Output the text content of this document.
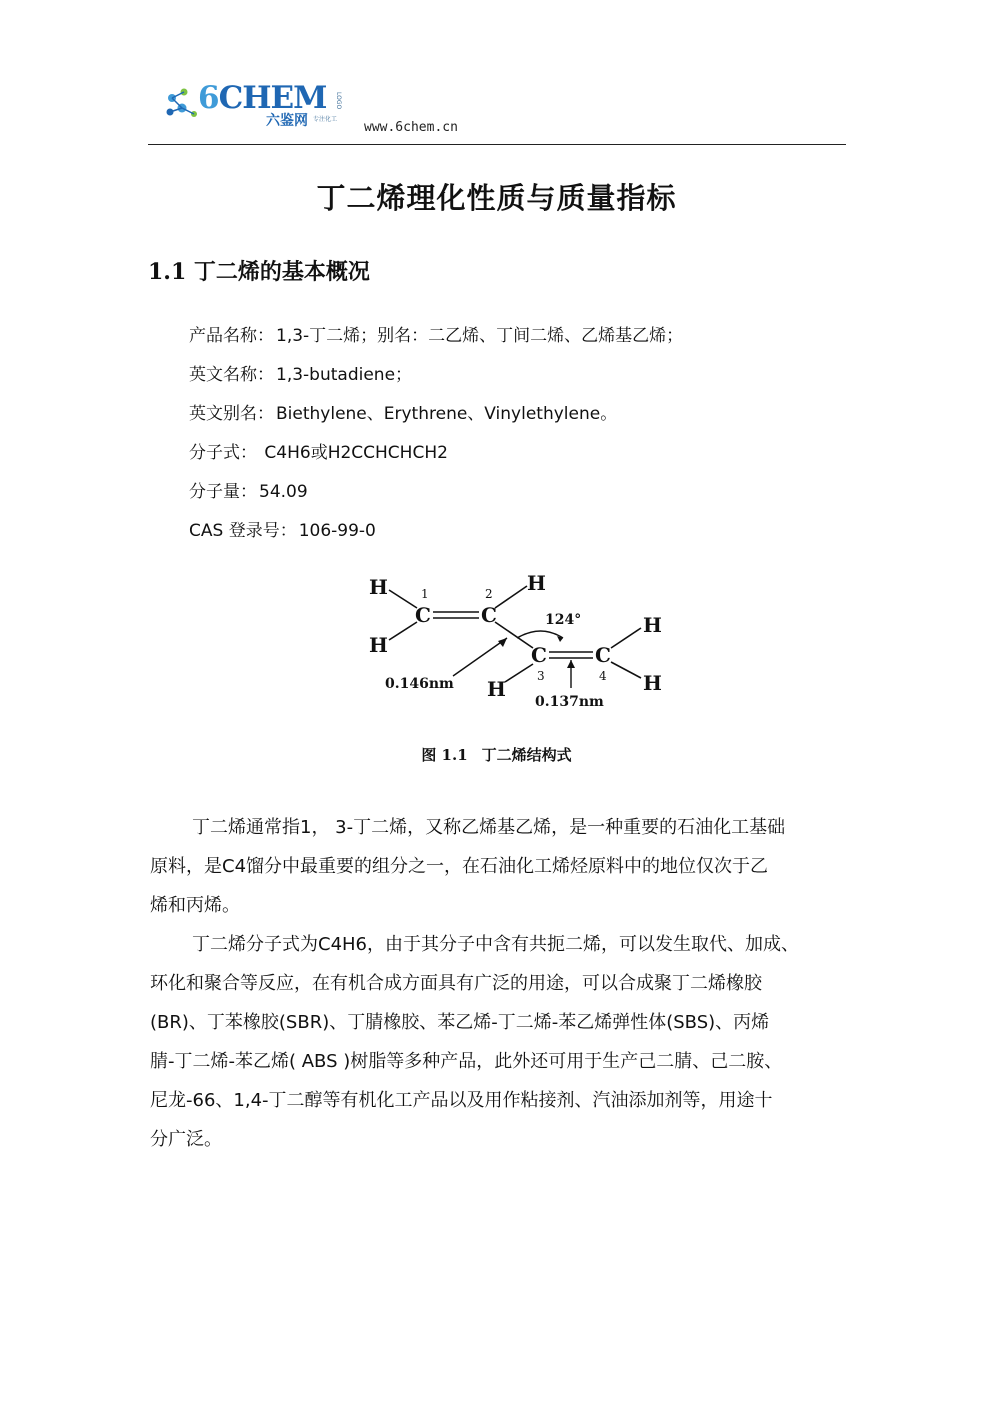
6CHEM
六鉴网 专注化工
LOGO
www.6chem.cn
丁二烯理化性质与质量指标
1.1 丁二烯的基本概况
产品名称： 1,3-丁二烯；别名：二乙烯、丁间二烯、乙烯基乙烯；
英文名称： 1,3-butadiene；
英文别名： Biethylene、Erythrene、Vinylethylene。
分子式： C4H6或H2CCHCHCH2
分子量： 54.09
CAS 登录号： 106-99-0
H
H
C	C
H
C C
H
H
H
1	2
3	4
124°
0.146nm
0.137nm
图 1.1 丁二烯结构式
丁二烯通常指1， 3-丁二烯，又称乙烯基乙烯，是一种重要的石油化工基础
原料，是C4馏分中最重要的组分之一，在石油化工烯烃原料中的地位仅次于乙
烯和丙烯。
丁二烯分子式为C4H6，由于其分子中含有共扼二烯，可以发生取代、加成、
环化和聚合等反应，在有机合成方面具有广泛的用途，可以合成聚丁二烯橡胶
(BR)、丁苯橡胶(SBR)、丁腈橡胶、苯乙烯-丁二烯-苯乙烯弹性体(SBS)、丙烯
腈-丁二烯-苯乙烯( ABS )树脂等多种产品，此外还可用于生产己二腈、己二胺、
尼龙-66、1,4-丁二醇等有机化工产品以及用作粘接剂、汽油添加剂等，用途十
分广泛。
